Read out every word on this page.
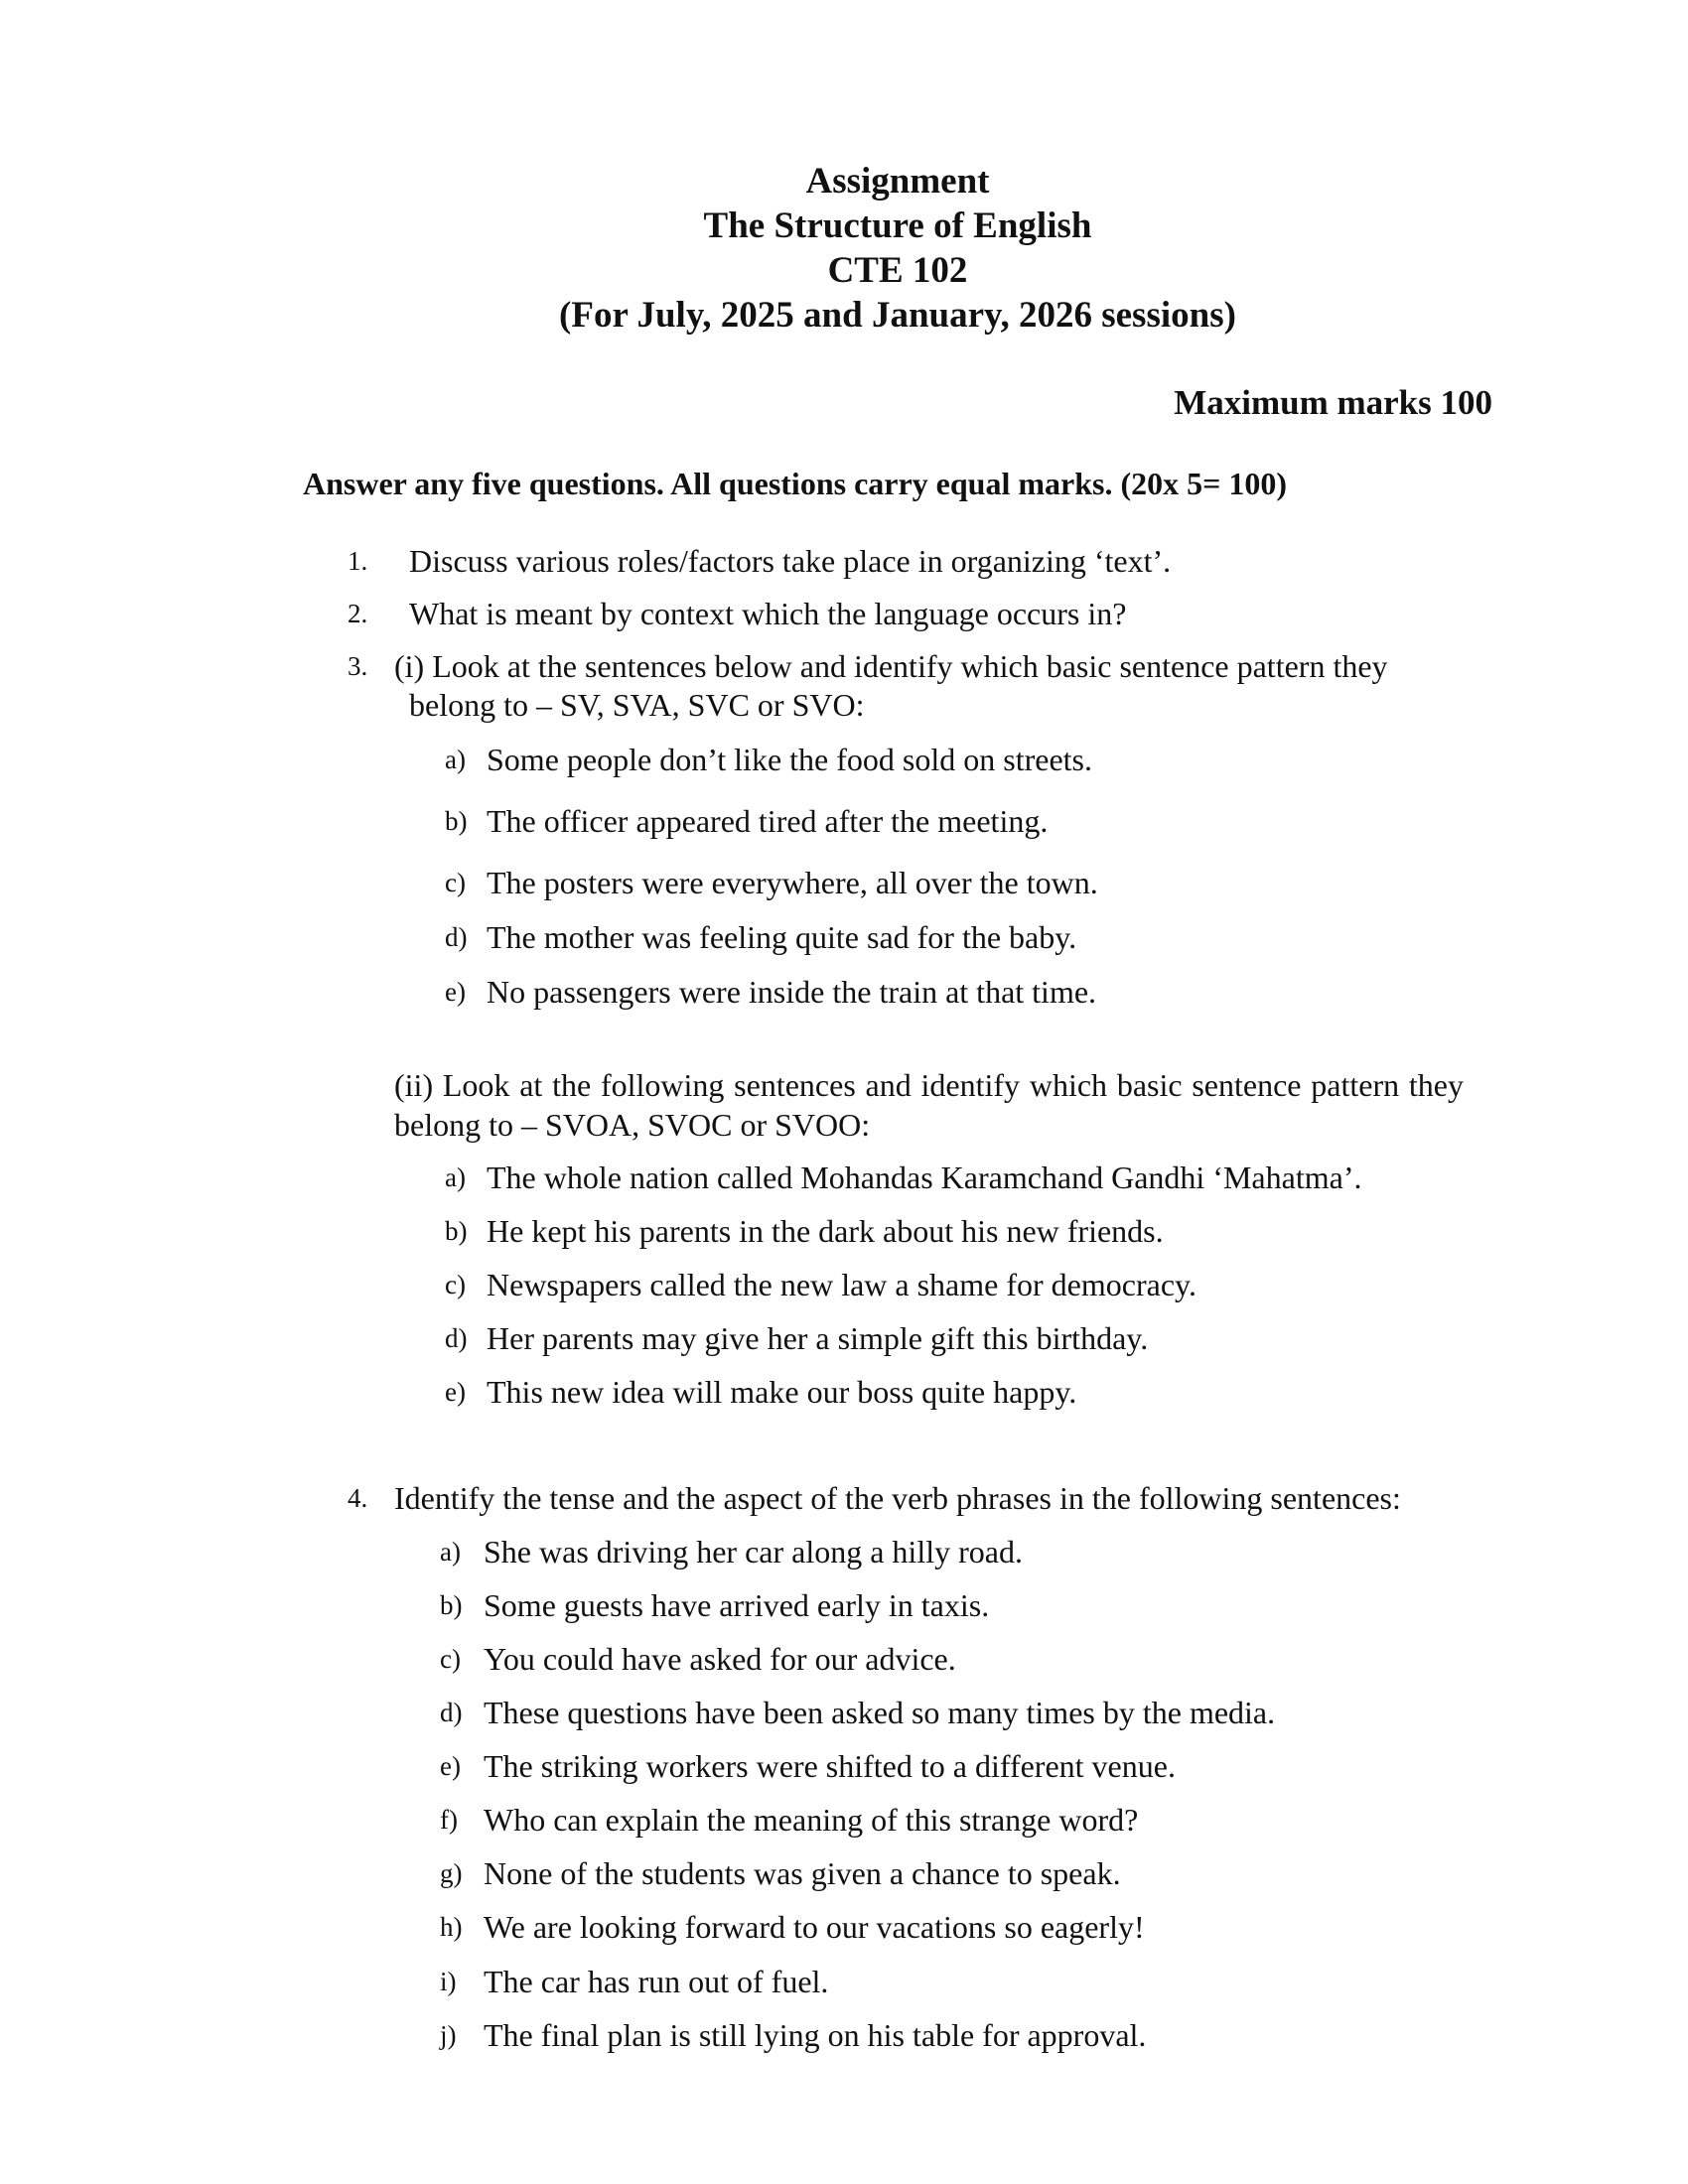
Assignment
The Structure of English
CTE 102
(For July, 2025 and January, 2026 sessions)
Maximum marks 100
Answer any five questions. All questions carry equal marks. (20x 5= 100)
1. Discuss various roles/factors take place in organizing ‘text’.
2. What is meant by context which the language occurs in?
3. (i) Look at the sentences below and identify which basic sentence pattern they
belong to – SV, SVA, SVC or SVO:
a) Some people don’t like the food sold on streets.
b) The officer appeared tired after the meeting.
c) The posters were everywhere, all over the town.
d) The mother was feeling quite sad for the baby.
e) No passengers were inside the train at that time.
(ii) Look at the following sentences and identify which basic sentence pattern they belong to – SVOA, SVOC or SVOO:
a) The whole nation called Mohandas Karamchand Gandhi ‘Mahatma’.
b) He kept his parents in the dark about his new friends.
c) Newspapers called the new law a shame for democracy.
d) Her parents may give her a simple gift this birthday.
e) This new idea will make our boss quite happy.
4. Identify the tense and the aspect of the verb phrases in the following sentences:
a) She was driving her car along a hilly road.
b) Some guests have arrived early in taxis.
c) You could have asked for our advice.
d) These questions have been asked so many times by the media.
e) The striking workers were shifted to a different venue.
f) Who can explain the meaning of this strange word?
g) None of the students was given a chance to speak.
h) We are looking forward to our vacations so eagerly!
i) The car has run out of fuel.
j) The final plan is still lying on his table for approval.
